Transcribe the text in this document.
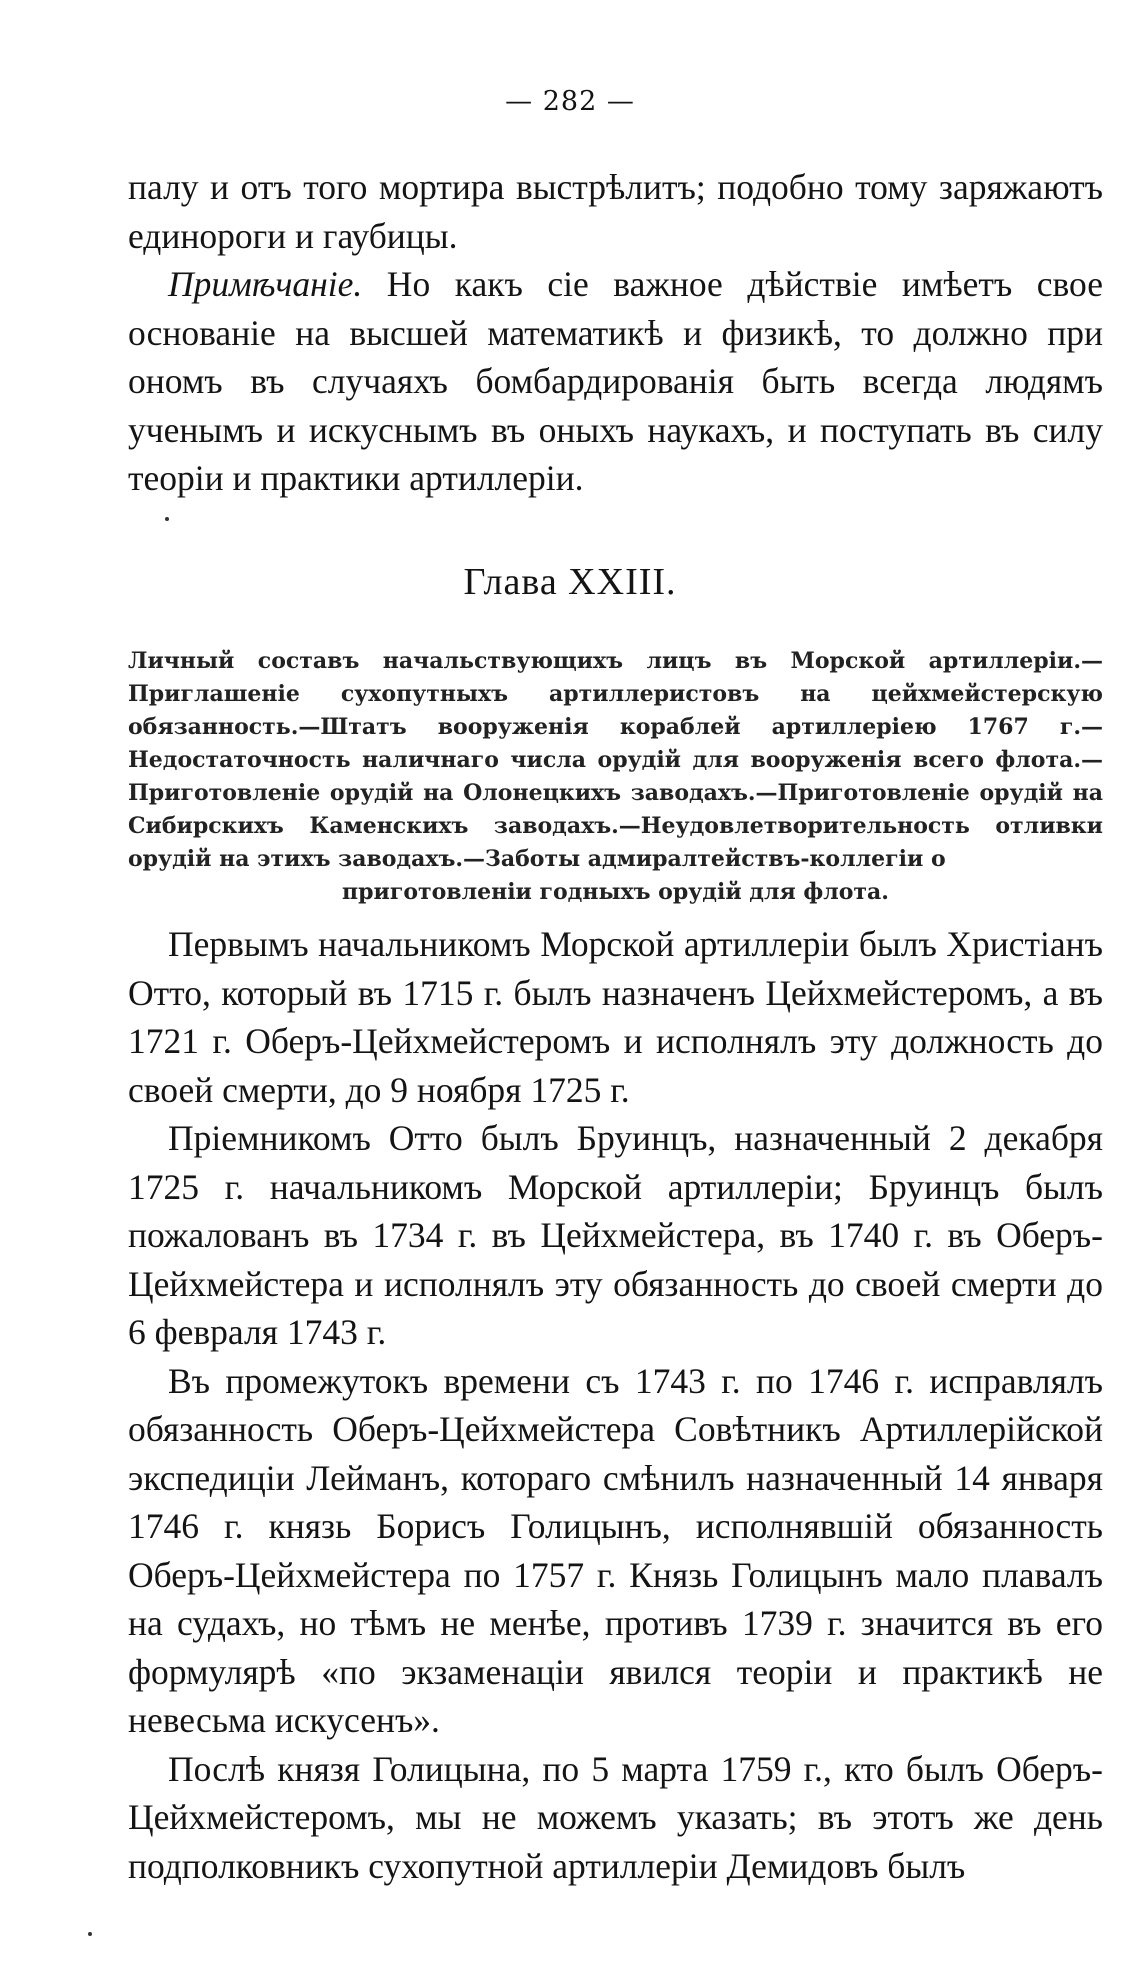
— 282 —

палу и отъ того мортира выстрѣлитъ; подобно тому заряжаютъ единороги и гаубицы.

Примѣчаніе. Но какъ сіе важное дѣйствіе имѣетъ свое основаніе на высшей математикѣ и физикѣ, то должно при ономъ въ случаяхъ бомбардированія быть всегда людямъ ученымъ и искуснымъ въ оныхъ наукахъ, и поступать въ силу теоріи и практики артиллеріи.

Глава XXIII.

Личный составъ начальствующихъ лицъ въ Морской артиллеріи.—Приглашеніе сухопутныхъ артиллеристовъ на цейхмейстерскую обязанность.—Штатъ вооруженія кораблей артиллеріею 1767 г.—Недостаточность наличнаго числа орудій для вооруженія всего флота.—Приготовленіе орудій на Олонецкихъ заводахъ.—Приготовленіе орудій на Сибирскихъ Каменскихъ заводахъ.—Неудовлетворительность отливки орудій на этихъ заводахъ.—Заботы адмиралтействъ-коллегіи о

приготовленіи годныхъ орудій для флота.

Первымъ начальникомъ Морской артиллеріи былъ Христіанъ Отто, который въ 1715 г. былъ назначенъ Цейхмейстеромъ, а въ 1721 г. Оберъ-Цейхмейстеромъ и исполнялъ эту должность до своей смерти, до 9 ноября 1725 г.

Пріемникомъ Отто былъ Бруинцъ, назначенный 2 декабря 1725 г. начальникомъ Морской артиллеріи; Бруинцъ былъ пожалованъ въ 1734 г. въ Цейхмейстера, въ 1740 г. въ Оберъ-Цейхмейстера и исполнялъ эту обязанность до своей смерти до 6 февраля 1743 г.

Въ промежутокъ времени съ 1743 г. по 1746 г. исправлялъ обязанность Оберъ-Цейхмейстера Совѣтникъ Артиллерійской экспедиціи Лейманъ, котораго смѣнилъ назначенный 14 января 1746 г. князь Борисъ Голицынъ, исполнявшій обязанность Оберъ-Цейхмейстера по 1757 г. Князь Голицынъ мало плавалъ на судахъ, но тѣмъ не менѣе, противъ 1739 г. значится въ его формулярѣ «по экзаменаціи явился теоріи и практикѣ не невесьма искусенъ».

Послѣ князя Голицына, по 5 марта 1759 г., кто былъ Оберъ-Цейхмейстеромъ, мы не можемъ указать; въ этотъ же день подполковникъ сухопутной артиллеріи Демидовъ былъ
